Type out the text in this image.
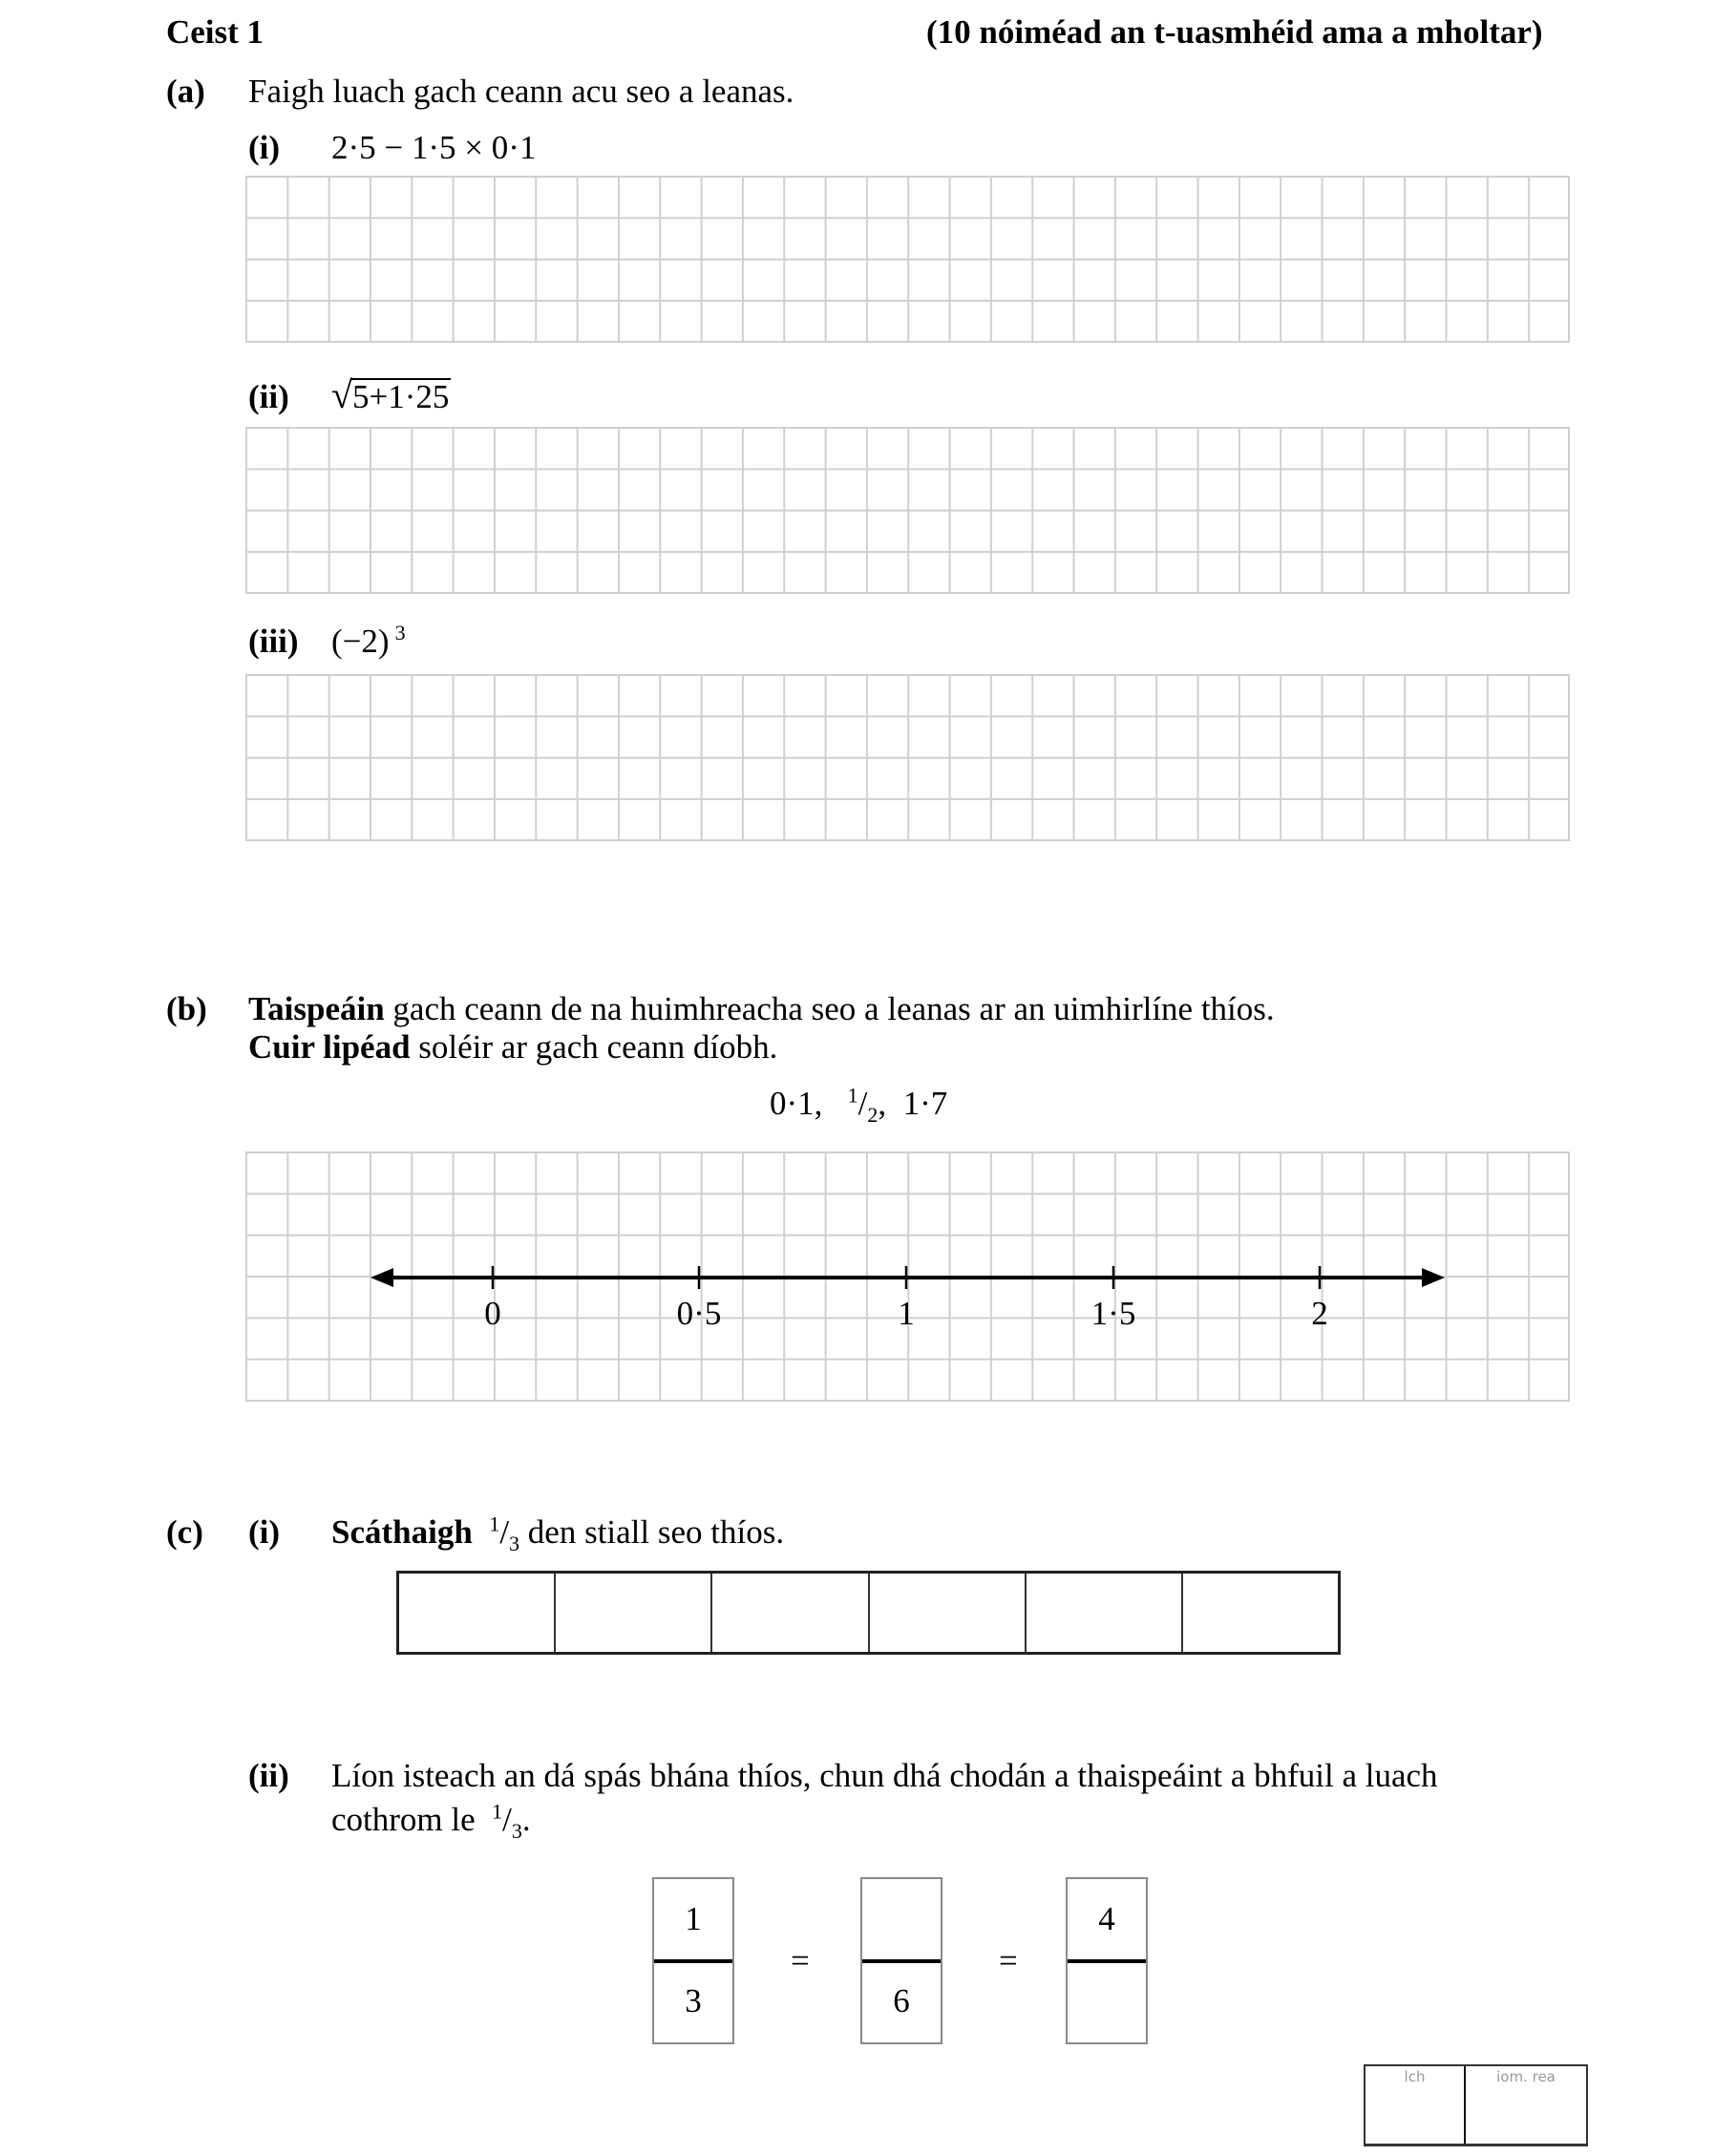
Ceist 1	(10 nóiméad an t-uasmhéid ama a mholtar)
(a) Faigh luach gach ceann acu seo a leanas.
(i) 2·5 − 1·5 × 0·1
(ii) √ 5+1·25
(iii) (−2) $^3$
(b) Taispeáin gach ceann de na huimhreacha seo a leanas ar an uimhirlíne thíos.
Cuir lipéad soléir ar gach ceann díobh.
0·1, $^1/_2$, 1·7
0	0·5	1	1·5	2
(c) (i) Scáthaigh $^1/_3$ den stiall seo thíos.
(ii) Líon isteach an dá spás bhána thíos, chun dhá chodán a thaispeáint a bhfuil a luach
cothrom le  $^1/_3$.
1
3
=
6
=
4
lch	iom. rea
